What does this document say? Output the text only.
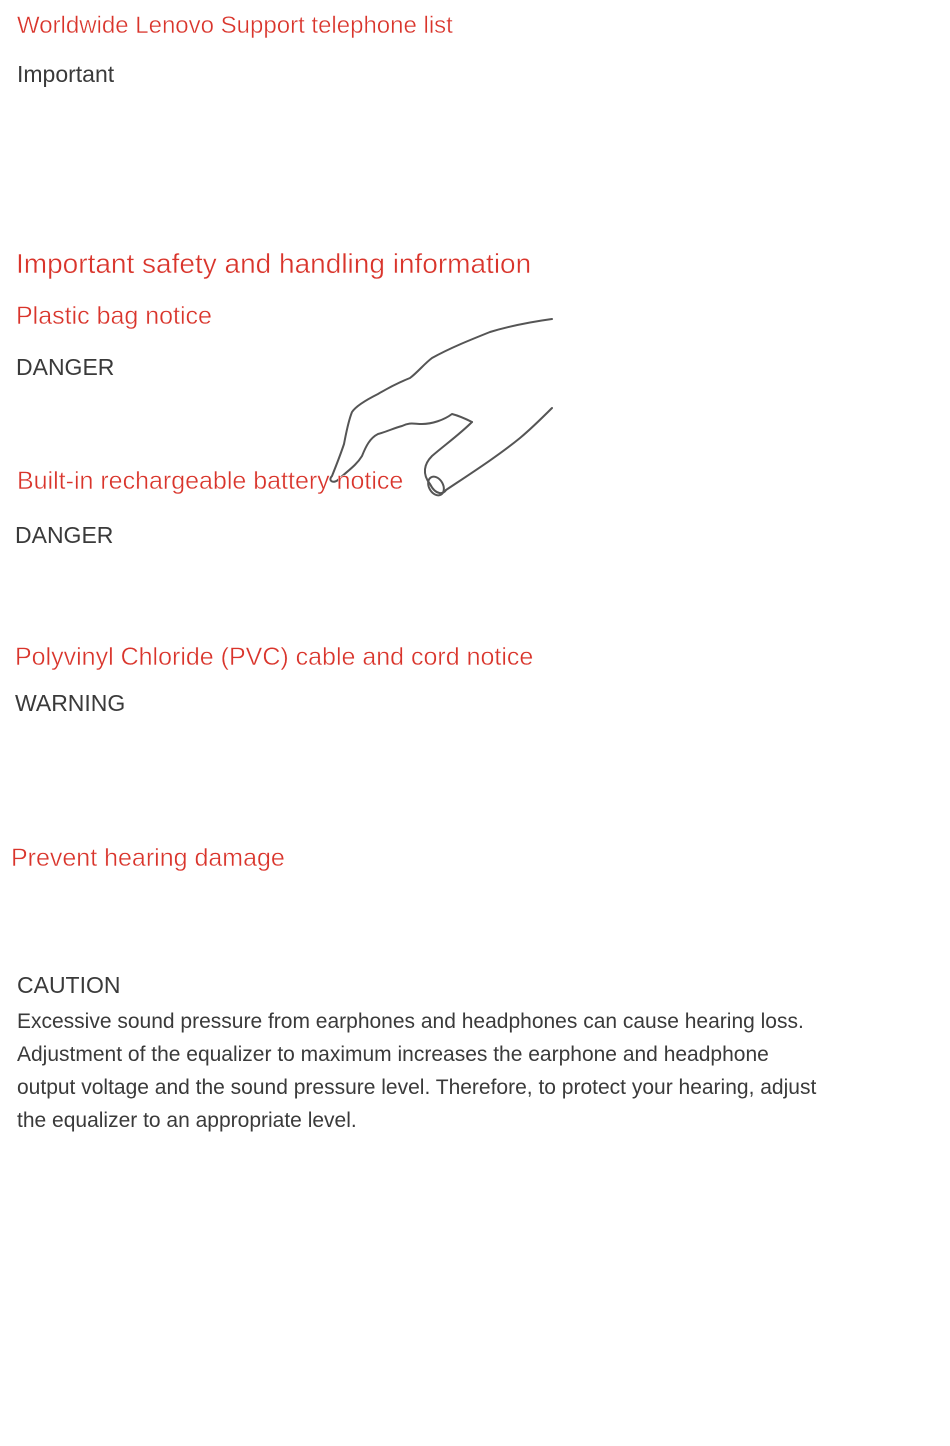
Worldwide Lenovo Support telephone list

Important

Important safety and handling information
Plastic bag notice

DANGER

Built-in rechargeable battery notice

DANGER

Polyvinyl Chloride (PVC) cable and cord notice

WARNING

Prevent hearing damage

CAUTION

Excessive sound pressure from earphones and headphones can cause hearing loss.
Adjustment of the equalizer to maximum increases the earphone and headphone
output voltage and the sound pressure level. Therefore, to protect your hearing, adjust
the equalizer to an appropriate level.
